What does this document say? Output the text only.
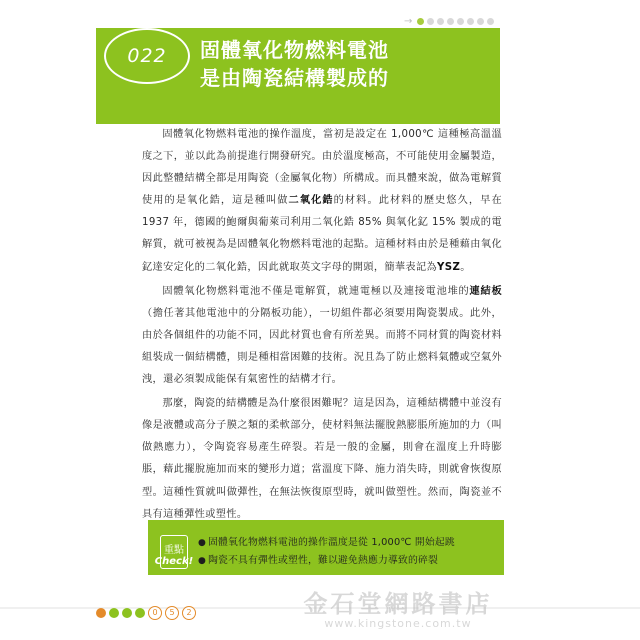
→
022	固體氧化物燃料電池
是由陶瓷結構製成的

固體氧化物燃料電池的操作溫度，當初是設定在 1,000℃ 這種極高溫溫度之下，並以此為前提進行開發研究。由於溫度極高，不可能使用金屬製造，因此整體結構全都是用陶瓷（金屬氧化物）所構成。而具體來說，做為電解質使用的是氧化鋯，這是種叫做二氧化鋯的材料。此材料的歷史悠久，早在 1937 年，德國的鮑爾與葡萊司利用二氧化鋯 85% 與氧化釔 15% 製成的電解質，就可被視為是固體氧化物燃料電池的起點。這種材料由於是種藉由氧化釔達安定化的二氧化鋯，因此就取英文字母的開頭，簡華表記為YSZ。

固體氧化物燃料電池不僅是電解質，就連電極以及連接電池堆的連結板（擔任著其他電池中的分隔板功能），一切組件都必須要用陶瓷製成。此外，由於各個組件的功能不同，因此材質也會有所差異。而將不同材質的陶瓷材料組裝成一個結構體，則是種相當困難的技術。況且為了防止燃料氣體或空氣外洩，還必須製成能保有氣密性的結構才行。

那麼，陶瓷的結構體是為什麼很困難呢？這是因為，這種結構體中並沒有像是液體或高分子膜之類的柔軟部分，使材料無法擺脫熱膨脹所施加的力（叫做熱應力），令陶瓷容易產生碎裂。若是一般的金屬，則會在溫度上升時膨脹，藉此擺脫施加而來的變形力道；當溫度下降、施力消失時，則就會恢復原型。這種性質就叫做彈性，在無法恢復原型時，就叫做塑性。然而，陶瓷並不具有這種彈性或塑性。

重點
Check!
● 固體氧化物燃料電池的操作溫度是從 1,000℃ 開始起跳
● 陶瓷不具有彈性或塑性，難以避免熱應力導致的碎裂
0	5	2	金石堂網路書店
www.kingstone.com.tw
